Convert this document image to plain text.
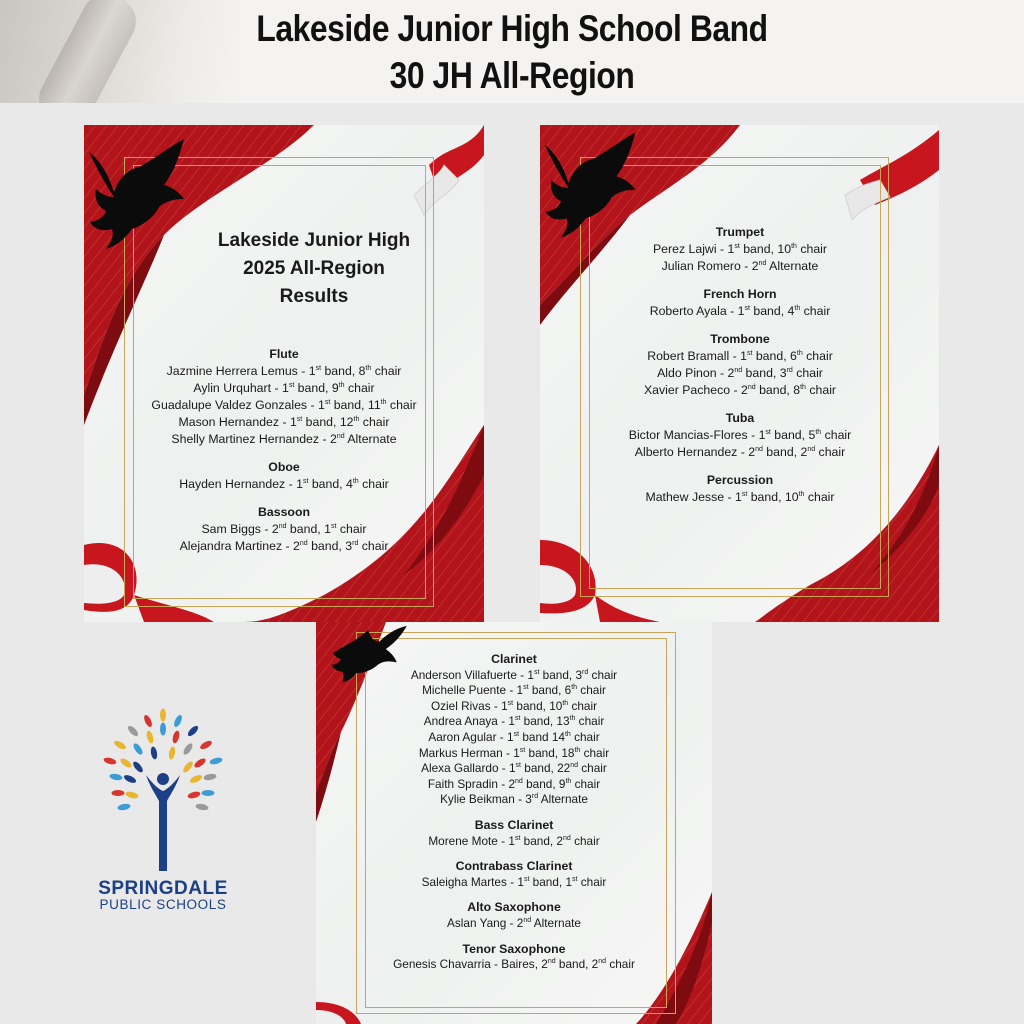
Lakeside Junior High School Band
30 JH All-Region
Lakeside Junior High
2025 All-Region
Results
Flute
Jazmine Herrera Lemus - 1st band, 8th chair
Aylin Urquhart - 1st band, 9th chair
Guadalupe Valdez Gonzales - 1st band, 11th chair
Mason Hernandez - 1st band, 12th chair
Shelly Martinez Hernandez - 2nd Alternate
Oboe
Hayden Hernandez - 1st band, 4th chair
Bassoon
Sam Biggs - 2nd band, 1st chair
Alejandra Martinez - 2nd band, 3rd chair
Trumpet
Perez Lajwi - 1st band, 10th chair
Julian Romero - 2nd Alternate
French Horn
Roberto Ayala - 1st band, 4th chair
Trombone
Robert Bramall - 1st band, 6th chair
Aldo Pinon - 2nd band, 3rd chair
Xavier Pacheco - 2nd band, 8th chair
Tuba
Bictor Mancias-Flores - 1st band, 5th chair
Alberto Hernandez - 2nd band, 2nd chair
Percussion
Mathew Jesse - 1st band, 10th chair
Clarinet
Anderson Villafuerte - 1st band, 3rd chair
Michelle Puente - 1st band, 6th chair
Oziel Rivas - 1st band, 10th chair
Andrea Anaya - 1st band, 13th chair
Aaron Agular - 1st band 14th chair
Markus Herman - 1st band, 18th chair
Alexa Gallardo - 1st band, 22nd chair
Faith Spradin - 2nd band, 9th chair
Kylie Beikman - 3rd Alternate
Bass Clarinet
Morene Mote - 1st band, 2nd chair
Contrabass Clarinet
Saleigha Martes - 1st band, 1st chair
Alto Saxophone
Aslan Yang - 2nd Alternate
Tenor Saxophone
Genesis Chavarria - Baires, 2nd band, 2nd chair
SPRINGDALE
PUBLIC SCHOOLS
